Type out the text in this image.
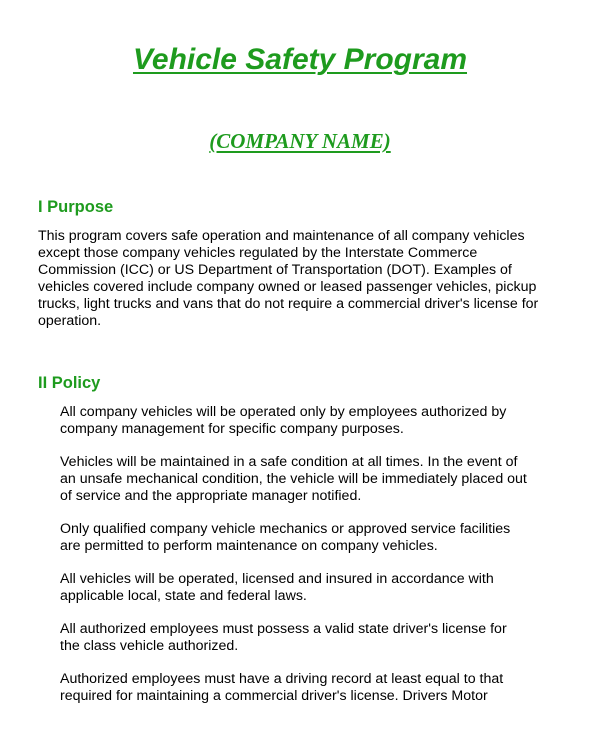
Vehicle Safety Program
(COMPANY NAME)
I Purpose

This program covers safe operation and maintenance of all company vehicles
except those company vehicles regulated by the Interstate Commerce
Commission (ICC) or US Department of Transportation (DOT). Examples of
vehicles covered include company owned or leased passenger vehicles, pickup
trucks, light trucks and vans that do not require a commercial driver's license for
operation.

II Policy
All company vehicles will be operated only by employees authorized by
company management for specific company purposes.
Vehicles will be maintained in a safe condition at all times. In the event of
an unsafe mechanical condition, the vehicle will be immediately placed out
of service and the appropriate manager notified.
Only qualified company vehicle mechanics or approved service facilities
are permitted to perform maintenance on company vehicles.
All vehicles will be operated, licensed and insured in accordance with
applicable local, state and federal laws.
All authorized employees must possess a valid state driver's license for
the class vehicle authorized.
Authorized employees must have a driving record at least equal to that
required for maintaining a commercial driver's license. Drivers Motor
